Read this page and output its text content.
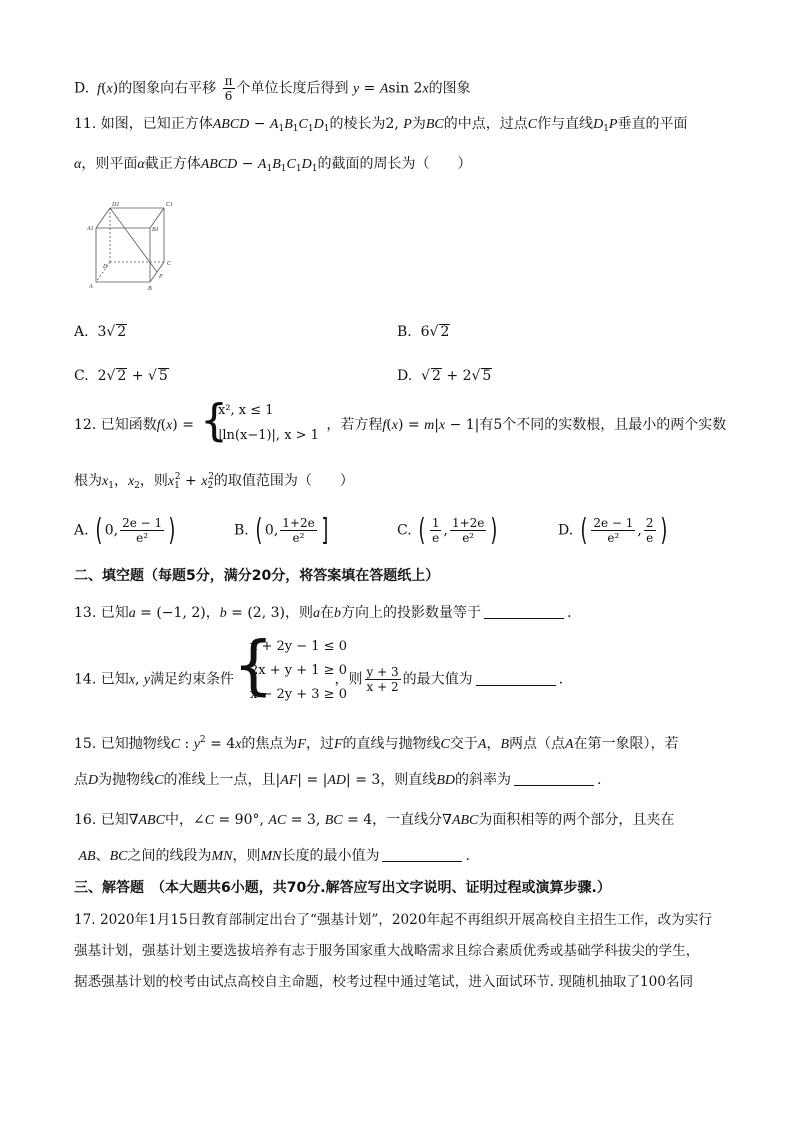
D.  f(x)的图象向右平移 $\frac{\pi}{6}$ 个单位长度后得到 y = Asin 2x的图象
11. 如图，已知正方体ABCD − $A_1B_1C_1D_1$的棱长为2, P为BC的中点，过点C作与直线$D_1P$垂直的平面
α，则平面α截正方体ABCD − $A_1B_1C_1D_1$的截面的周长为（　　）
D1	C1
A1	B1
D	C
A	B
P
A.  3√ 2	B.  6√ 2
C.  2√ 2 + √ 5	D.  √ 2 + 2√ 5
12. 已知函数f(x) =	，若方程f(x) = m|x − 1|有5个不同的实数根，且最小的两个实数
{
x², x ≤ 1
|ln(x−1)|, x > 1
根为$x_1$，$x_2$，则$x_1^2 + x_2^2$的取值范围为（　　）
A. ( 0, $\frac{2e - 1}{\text{e²}}$ )	B. ( 0, $\frac{1+2e}{\text{e²}}$ ]	C. ( $\frac{1}{e}$ , $\frac{1+2e}{\text{e²}}$ )	D. ( $\frac{2e - 1}{\text{e²}}$ , $\frac{2}{e}$ )
二、填空题（每题5分，满分20分，将答案填在答题纸上）
13. 已知a = (−1, 2)，b = (2, 3)，则a在b方向上的投影数量等于	.
14. 已知x, y满足约束条件	，则 $\frac{y + 3}{x + 2}$ 的最大值为	.
{
x + 2y − 1 ≤ 0
2x + y + 1 ≥ 0
x − 2y + 3 ≥ 0
15. 已知抛物线C : $y^2 = 4x$的焦点为F，过F的直线与抛物线C交于A，B两点（点A在第一象限），若
点D为抛物线C的准线上一点，且|AF| = |AD| = 3，则直线BD的斜率为	.
16. 已知∇ABC中，∠C = 90°, AC = 3, BC = 4，一直线分∇ABC为面积相等的两个部分，且夹在
AB、BC之间的线段为MN，则MN长度的最小值为	.
三、解答题　（本大题共6小题，共70分.解答应写出文字说明、证明过程或演算步骤.）
17. 2020年1月15日教育部制定出台了“强基计划”，2020年起不再组织开展高校自主招生工作，改为实行
强基计划，强基计划主要选拔培养有志于服务国家重大战略需求且综合素质优秀或基础学科拔尖的学生，
据悉强基计划的校考由试点高校自主命题，校考过程中通过笔试，进入面试环节. 现随机抽取了100名同
